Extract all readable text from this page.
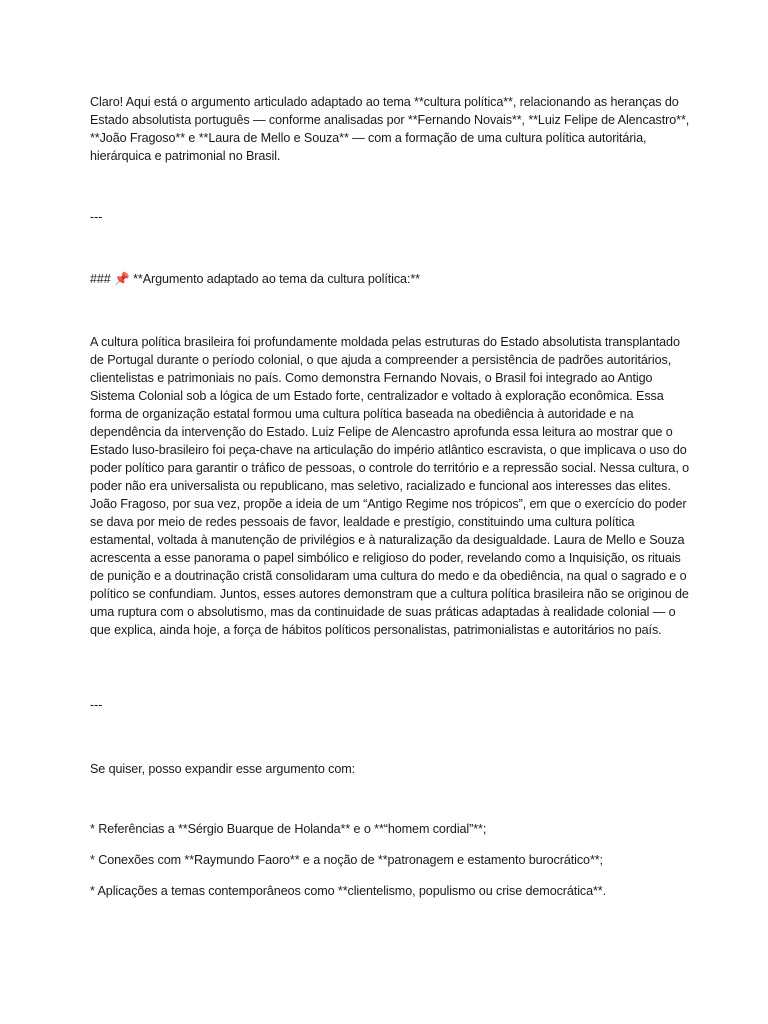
Claro! Aqui está o argumento articulado adaptado ao tema **cultura política**, relacionando as heranças do Estado absolutista português — conforme analisadas por **Fernando Novais**, **Luiz Felipe de Alencastro**, **João Fragoso** e **Laura de Mello e Souza** — com a formação de uma cultura política autoritária, hierárquica e patrimonial no Brasil.

---

### 📌 **Argumento adaptado ao tema da cultura política:**

A cultura política brasileira foi profundamente moldada pelas estruturas do Estado absolutista transplantado de Portugal durante o período colonial, o que ajuda a compreender a persistência de padrões autoritários, clientelistas e patrimoniais no país. Como demonstra Fernando Novais, o Brasil foi integrado ao Antigo Sistema Colonial sob a lógica de um Estado forte, centralizador e voltado à exploração econômica. Essa forma de organização estatal formou uma cultura política baseada na obediência à autoridade e na dependência da intervenção do Estado. Luiz Felipe de Alencastro aprofunda essa leitura ao mostrar que o Estado luso-brasileiro foi peça-chave na articulação do império atlântico escravista, o que implicava o uso do poder político para garantir o tráfico de pessoas, o controle do território e a repressão social. Nessa cultura, o poder não era universalista ou republicano, mas seletivo, racializado e funcional aos interesses das elites. João Fragoso, por sua vez, propõe a ideia de um “Antigo Regime nos trópicos”, em que o exercício do poder se dava por meio de redes pessoais de favor, lealdade e prestígio, constituindo uma cultura política estamental, voltada à manutenção de privilégios e à naturalização da desigualdade. Laura de Mello e Souza acrescenta a esse panorama o papel simbólico e religioso do poder, revelando como a Inquisição, os rituais de punição e a doutrinação cristã consolidaram uma cultura do medo e da obediência, na qual o sagrado e o político se confundiam. Juntos, esses autores demonstram que a cultura política brasileira não se originou de uma ruptura com o absolutismo, mas da continuidade de suas práticas adaptadas à realidade colonial — o que explica, ainda hoje, a força de hábitos políticos personalistas, patrimonialistas e autoritários no país.

---

Se quiser, posso expandir esse argumento com:

* Referências a **Sérgio Buarque de Holanda** e o **“homem cordial”**;

* Conexões com **Raymundo Faoro** e a noção de **patronagem e estamento burocrático**;

* Aplicações a temas contemporâneos como **clientelismo, populismo ou crise democrática**.
